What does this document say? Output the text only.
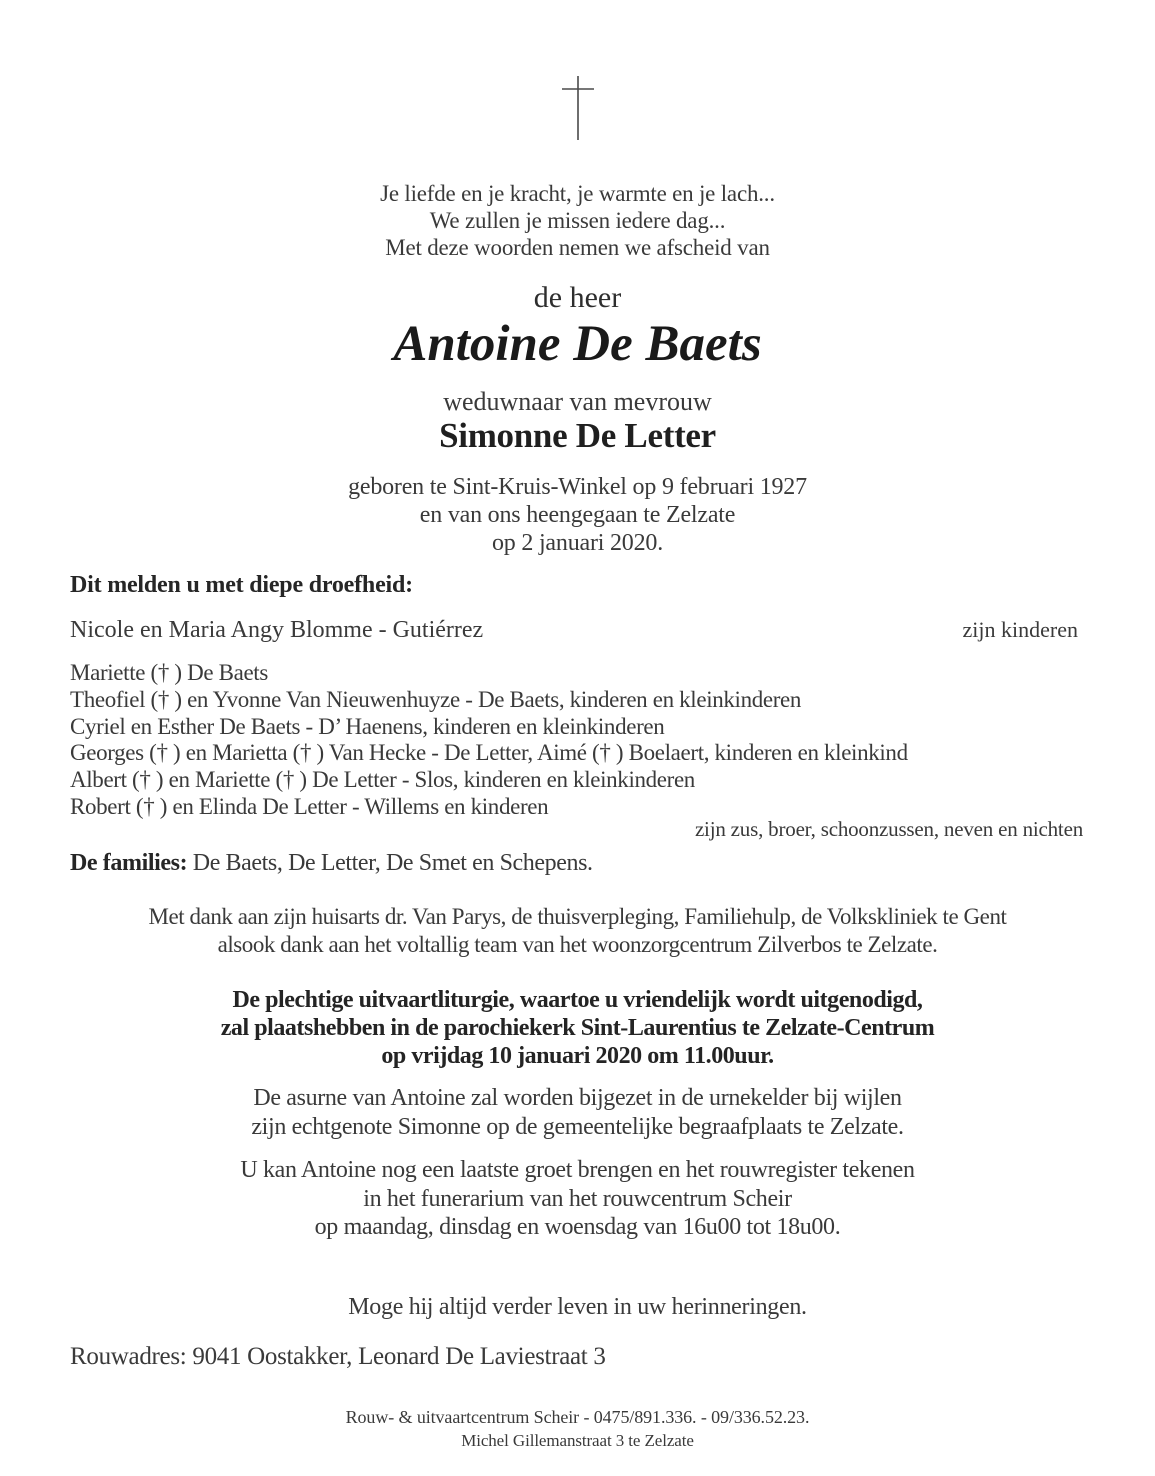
Je liefde en je kracht, je warmte en je lach...
We zullen je missen iedere dag...
Met deze woorden nemen we afscheid van
de heer
Antoine De Baets
weduwnaar van mevrouw
Simonne De Letter
geboren te Sint-Kruis-Winkel op 9 februari 1927
en van ons heengegaan te Zelzate
op 2 januari 2020.
Dit melden u met diepe droefheid:
Nicole en Maria Angy Blomme - Gutiérrez	zijn kinderen
Mariette († ) De Baets
Theofiel († ) en Yvonne Van Nieuwenhuyze - De Baets, kinderen en kleinkinderen
Cyriel en Esther De Baets - D’ Haenens, kinderen en kleinkinderen
Georges († ) en Marietta († ) Van Hecke - De Letter, Aimé († ) Boelaert, kinderen en kleinkind
Albert († ) en Mariette († ) De Letter - Slos, kinderen en kleinkinderen
Robert († ) en Elinda De Letter - Willems en kinderen
zijn zus, broer, schoonzussen, neven en nichten
De families: De Baets, De Letter, De Smet en Schepens.
Met dank aan zijn huisarts dr. Van Parys, de thuisverpleging, Familiehulp, de Volkskliniek te Gent
alsook dank aan het voltallig team van het woonzorgcentrum Zilverbos te Zelzate.
De plechtige uitvaartliturgie, waartoe u vriendelijk wordt uitgenodigd,
zal plaatshebben in de parochiekerk Sint-Laurentius te Zelzate-Centrum
op vrijdag 10 januari 2020 om 11.00uur.
De asurne van Antoine zal worden bijgezet in de urnekelder bij wijlen
zijn echtgenote Simonne op de gemeentelijke begraafplaats te Zelzate.
U kan Antoine nog een laatste groet brengen en het rouwregister tekenen
in het funerarium van het rouwcentrum Scheir
op maandag, dinsdag en woensdag van 16u00 tot 18u00.
Moge hij altijd verder leven in uw herinneringen.
Rouwadres: 9041 Oostakker, Leonard De Laviestraat 3
Rouw- & uitvaartcentrum Scheir - 0475/891.336. - 09/336.52.23.
Michel Gillemanstraat 3 te Zelzate
